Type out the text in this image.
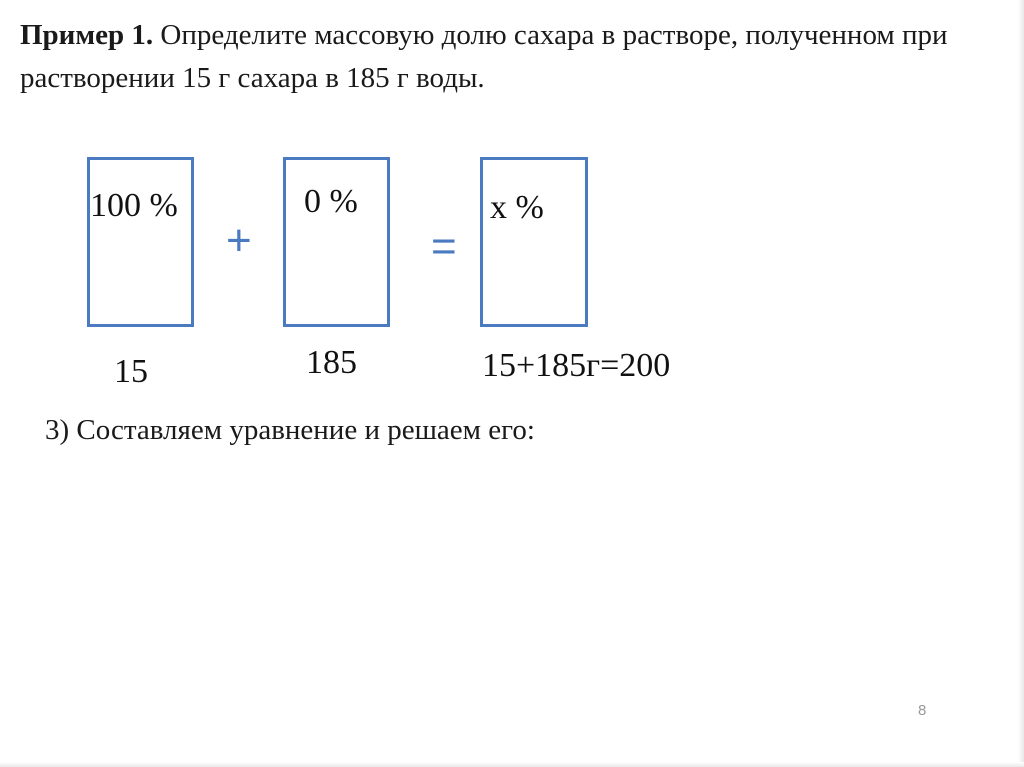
Пример 1. Определите массовую долю сахара в растворе, полученном при растворении 15 г сахара в 185 г воды.

100 %	0 %	x %
+	=
15	185	15+185г=200
3) Составляем уравнение и решаем его:
8
